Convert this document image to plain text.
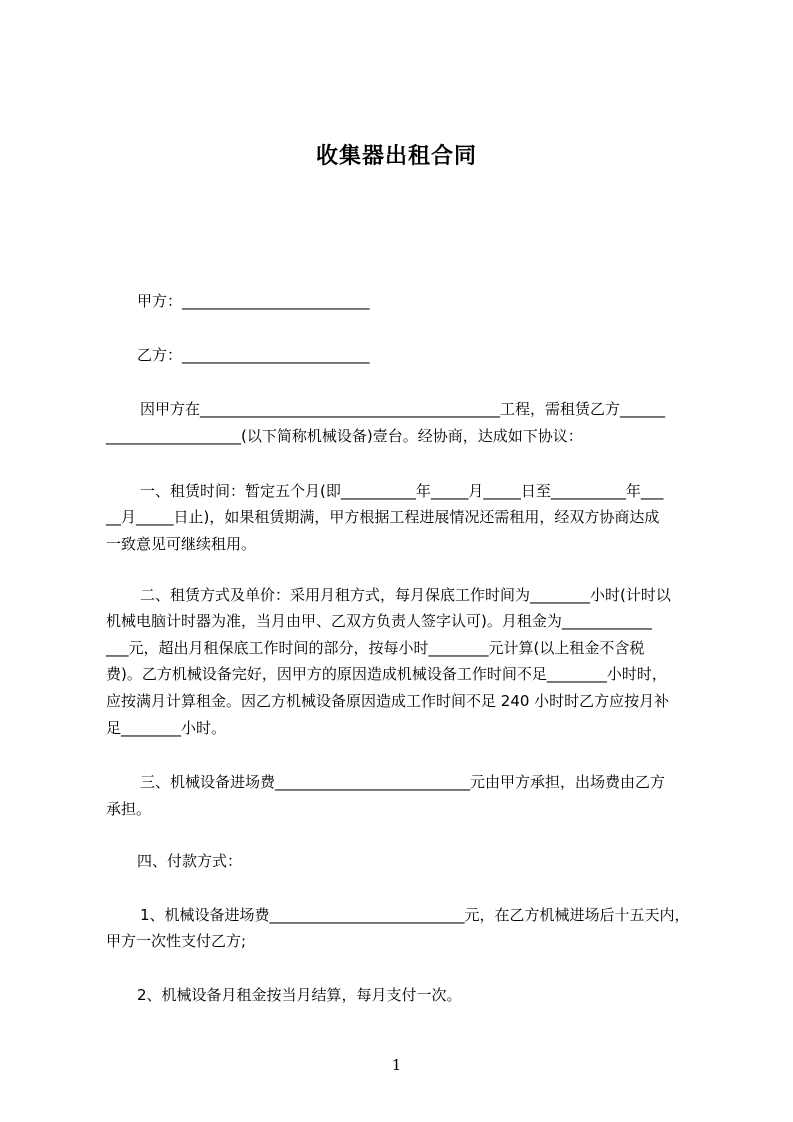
收集器出租合同
甲方：_________________________
乙方：_________________________
因甲方在________________________________________工程，需租赁乙方______
__________________(以下简称机械设备)壹台。经协商，达成如下协议：
一、租赁时间：暂定五个月(即__________年_____月_____日至__________年___
__月_____日止)，如果租赁期满，甲方根据工程进展情况还需租用，经双方协商达成
一致意见可继续租用。
二、租赁方式及单价：采用月租方式，每月保底工作时间为________小时(计时以
机械电脑计时器为准，当月由甲、乙双方负责人签字认可)。月租金为____________
___元，超出月租保底工作时间的部分，按每小时________元计算(以上租金不含税
费)。乙方机械设备完好，因甲方的原因造成机械设备工作时间不足________小时时，
应按满月计算租金。因乙方机械设备原因造成工作时间不足 240 小时时乙方应按月补
足________小时。
三、机械设备进场费__________________________元由甲方承担，出场费由乙方
承担。
四、付款方式：
1、机械设备进场费__________________________元，在乙方机械进场后十五天内，
甲方一次性支付乙方;
2、机械设备月租金按当月结算，每月支付一次。
1
